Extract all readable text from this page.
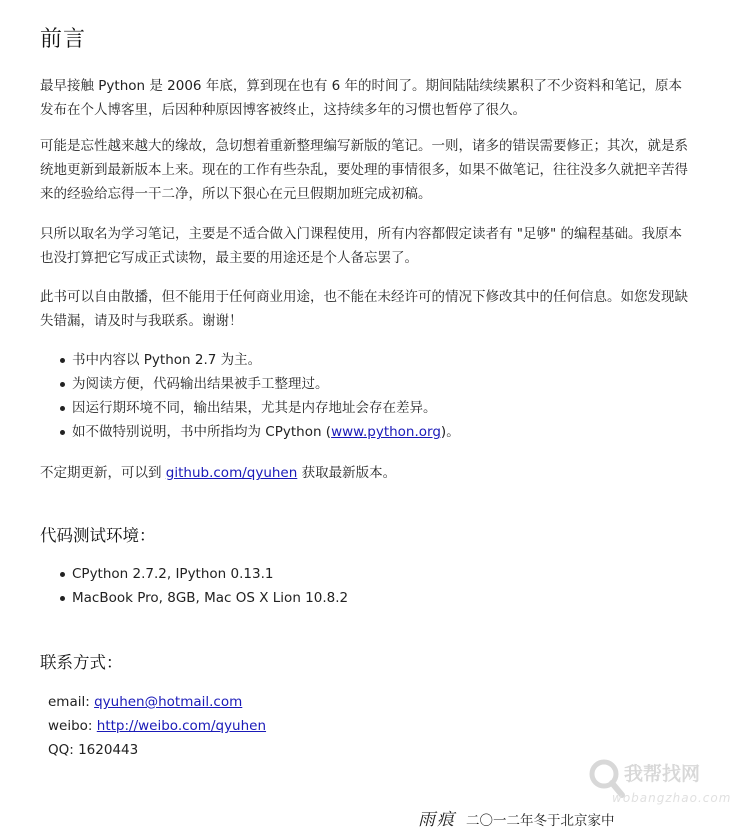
前言

最早接触 Python 是 2006 年底，算到现在也有 6 年的时间了。期间陆陆续续累积了不少资料和笔记，原本发布在个人博客里，后因种种原因博客被终止，这持续多年的习惯也暂停了很久。

可能是忘性越来越大的缘故，急切想着重新整理编写新版的笔记。一则，诸多的错误需要修正；其次，就是系统地更新到最新版本上来。现在的工作有些杂乱，要处理的事情很多，如果不做笔记，往往没多久就把辛苦得来的经验给忘得一干二净，所以下狠心在元旦假期加班完成初稿。

只所以取名为学习笔记，主要是不适合做入门课程使用，所有内容都假定读者有 "足够" 的编程基础。我原本也没打算把它写成正式读物，最主要的用途还是个人备忘罢了。

此书可以自由散播，但不能用于任何商业用途，也不能在未经许可的情况下修改其中的任何信息。如您发现缺失错漏，请及时与我联系。谢谢！

书中内容以 Python 2.7 为主。
为阅读方便，代码输出结果被手工整理过。
因运行期环境不同，输出结果，尤其是内存地址会存在差异。
如不做特别说明，书中所指均为 CPython (www.python.org)。

不定期更新，可以到 github.com/qyuhen 获取最新版本。

代码测试环境：
CPython 2.7.2, IPython 0.13.1
MacBook Pro, 8GB, Mac OS X Lion 10.8.2
联系方式：
email: qyuhen@hotmail.com
weibo: http://weibo.com/qyuhen
QQ: 1620443
雨痕 二〇一二年冬于北京家中
我帮找网
wobangzhao.com
